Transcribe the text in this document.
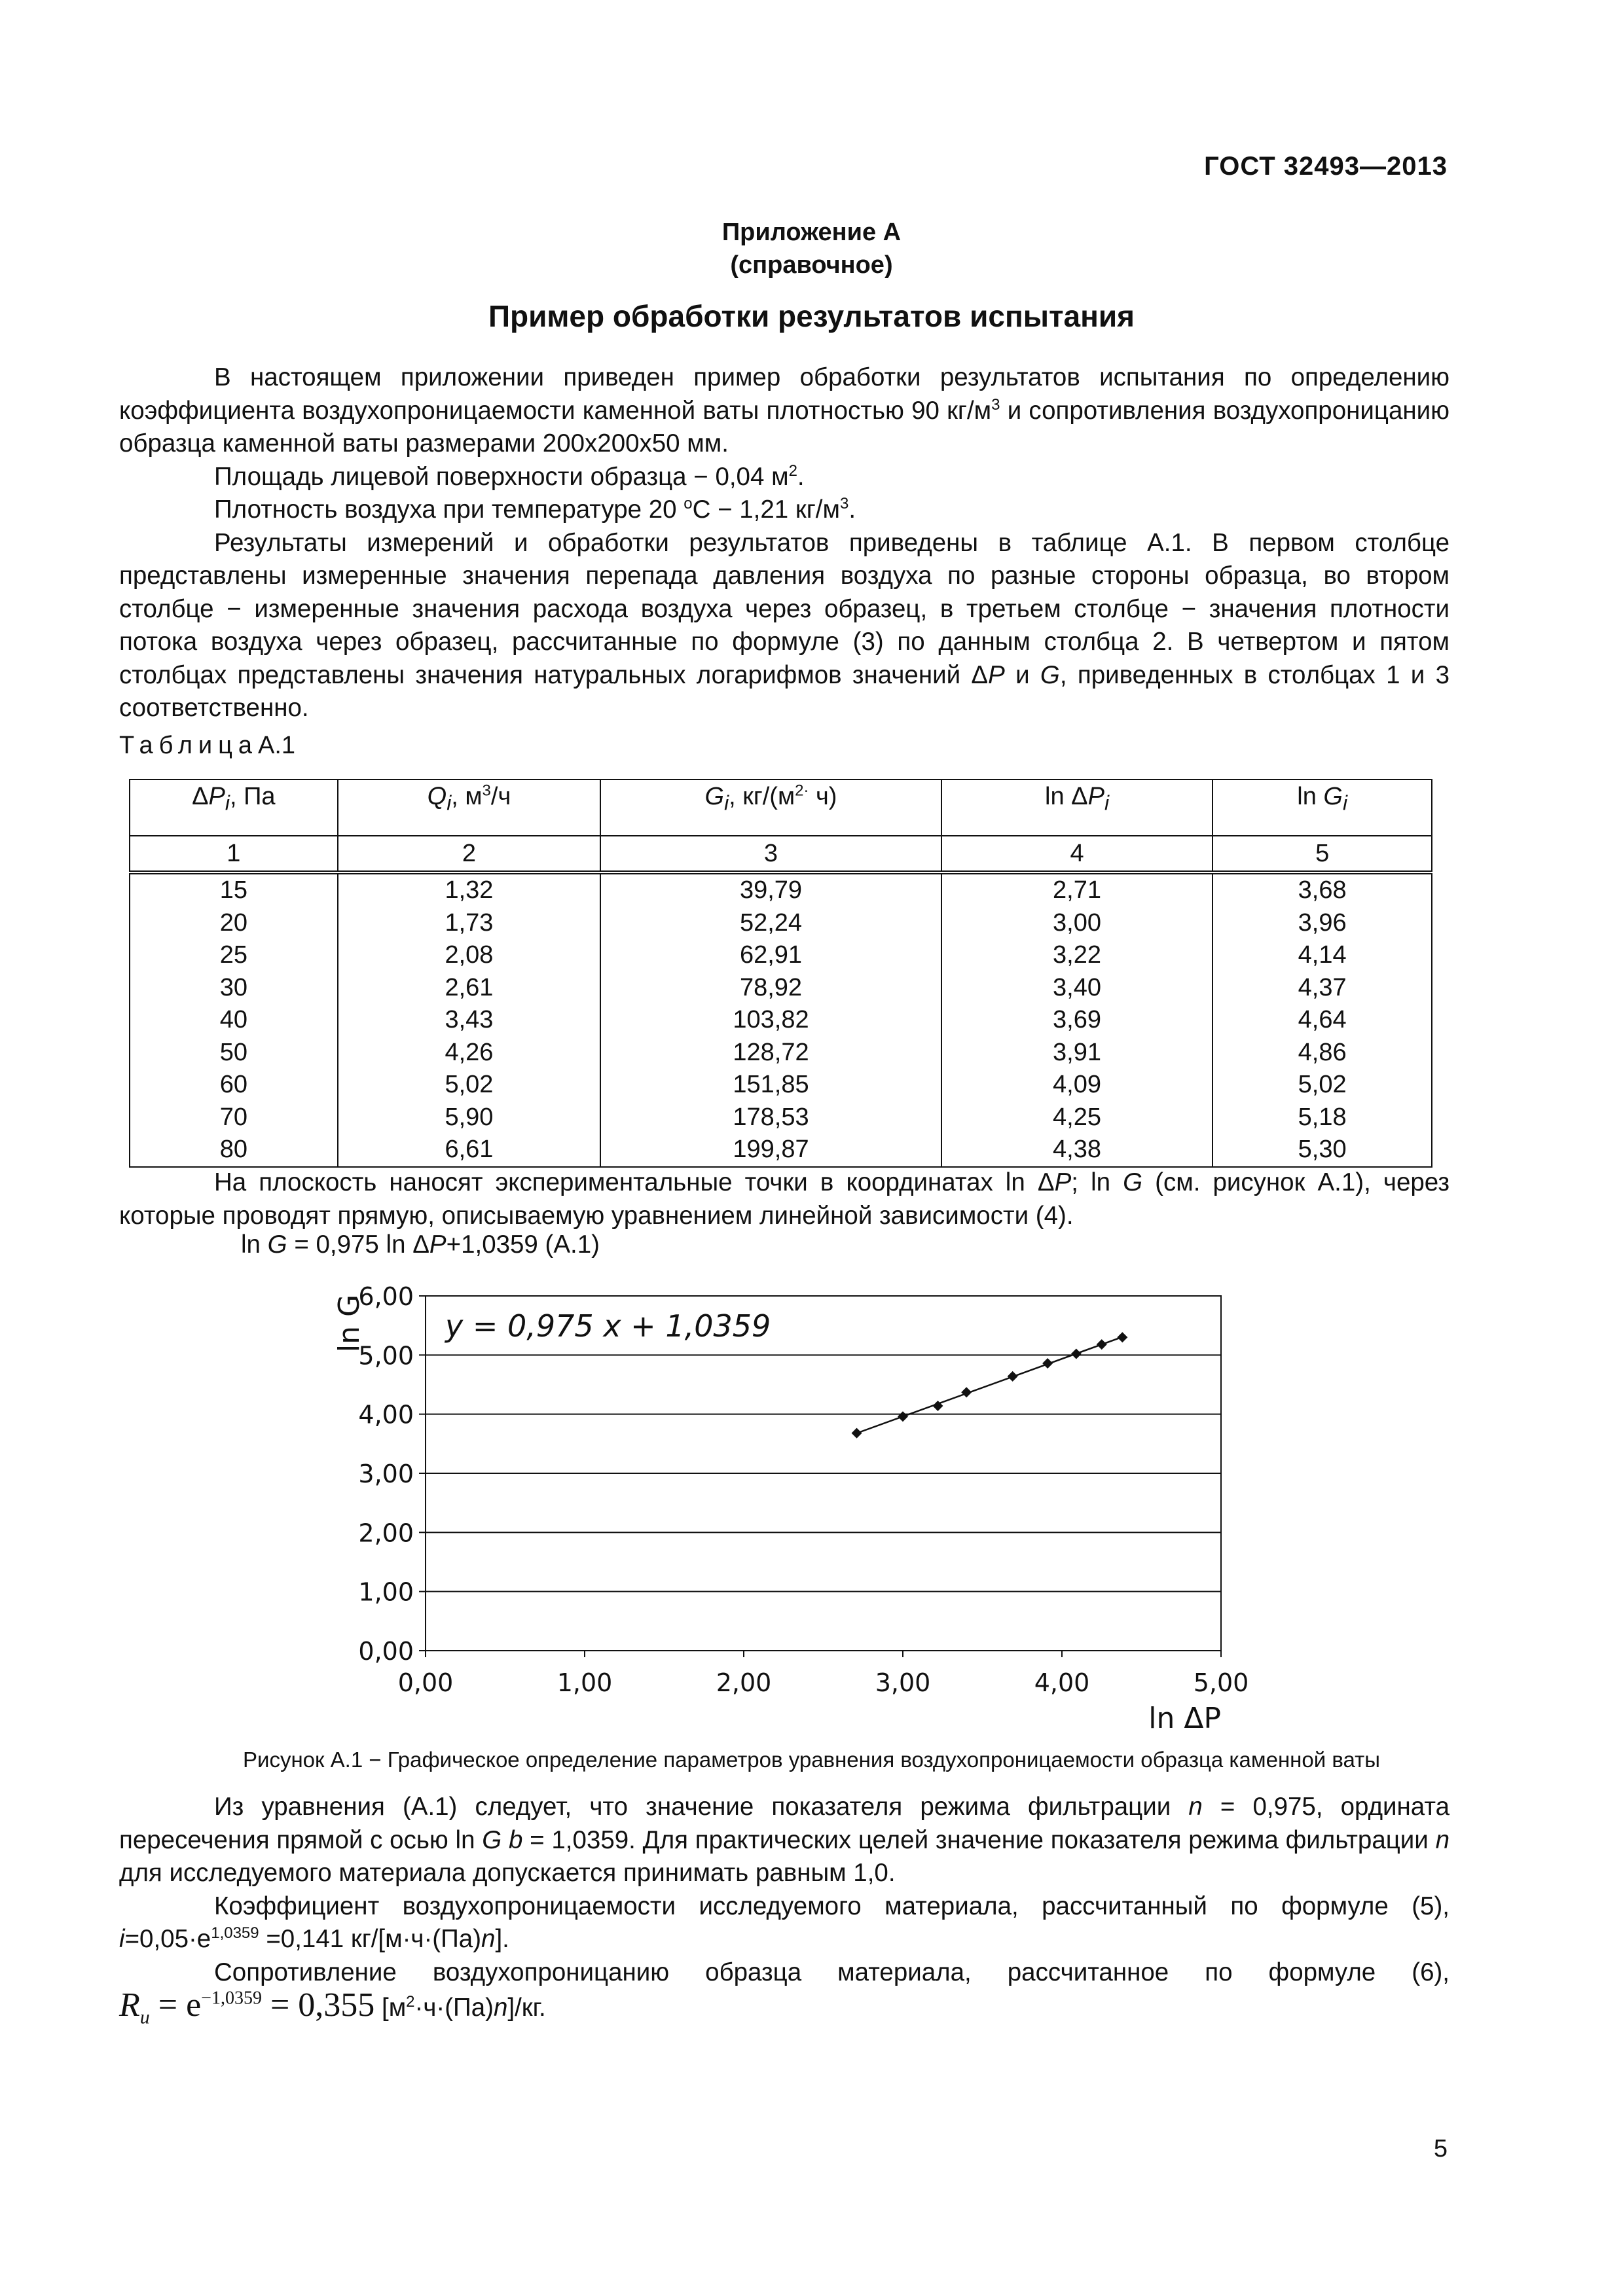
ГОСТ 32493—2013
Приложение А
(справочное)
Пример обработки результатов испытания

В настоящем приложении приведен пример обработки результатов испытания по определению коэффициента воздухопроницаемости каменной ваты плотностью 90 $кг/м^3$ и сопротивления воздухопроницанию образца каменной ваты размерами 200х200х50 мм.

Площадь лицевой поверхности образца − 0,04 $м^2$.

Плотность воздуха при температуре 20 $^о$С − 1,21 $кг/м^3$.

Результаты измерений и обработки результатов приведены в таблице А.1. В первом столбце представлены измеренные значения перепада давления воздуха по разные стороны образца, во втором столбце − измеренные значения расхода воздуха через образец, в третьем столбце − значения плотности потока воздуха через образец, рассчитанные по формуле (3) по данным столбца 2. В четвертом и пятом столбцах представлены значения натуральных логарифмов значений ΔP и G, приведенных в столбцах 1 и 3 соответственно.

ТаблицаА.1
$\Delta P_i$, Па	$Q_i$, $м^3/ч$	$G_i$, $кг/(м^{2\cdot}$ ч)	$\ln \Delta P_i$	$\ln G_i$
1	2	3	4	5
15	1,32	39,79	2,71	3,68
20	1,73	52,24	3,00	3,96
25	2,08	62,91	3,22	4,14
30	2,61	78,92	3,40	4,37
40	3,43	103,82	3,69	4,64
50	4,26	128,72	3,91	4,86
60	5,02	151,85	4,09	5,02
70	5,90	178,53	4,25	5,18
80	6,61	199,87	4,38	5,30

На плоскость наносят экспериментальные точки в координатах ln ΔP; ln G (см. рисунок А.1), через которые проводят прямую, описываемую уравнением линейной зависимости (4).

ln G = 0,975 ln ΔP+1,0359 (А.1)
0,00
1,00
2,00
3,00
4,00
5,00
6,00
0,00	1,00	2,00	3,00	4,00	5,00
ln G
ln ΔP
y = 0,975 x + 1,0359
Рисунок А.1 − Графическое определение параметров уравнения воздухопроницаемости образца каменной ваты

Из уравнения (А.1) следует, что значение показателя режима фильтрации n = 0,975, ордината пересечения прямой с осью ln G b = 1,0359. Для практических целей значение показателя режима фильтрации n для исследуемого материала допускается принимать равным 1,0.

Коэффициент воздухопроницаемости исследуемого материала, рассчитанный по формуле (5), $i=0,05\cdot е^{1,0359} =0,141$ кг/[м·ч·(Па)n].

Сопротивление воздухопроницанию образца материала, рассчитанное по формуле (6),

$R_u = e^{-1,0359} = 0,355$ $[м^2\cdot ч\cdot(Па)n]/кг$.

5
